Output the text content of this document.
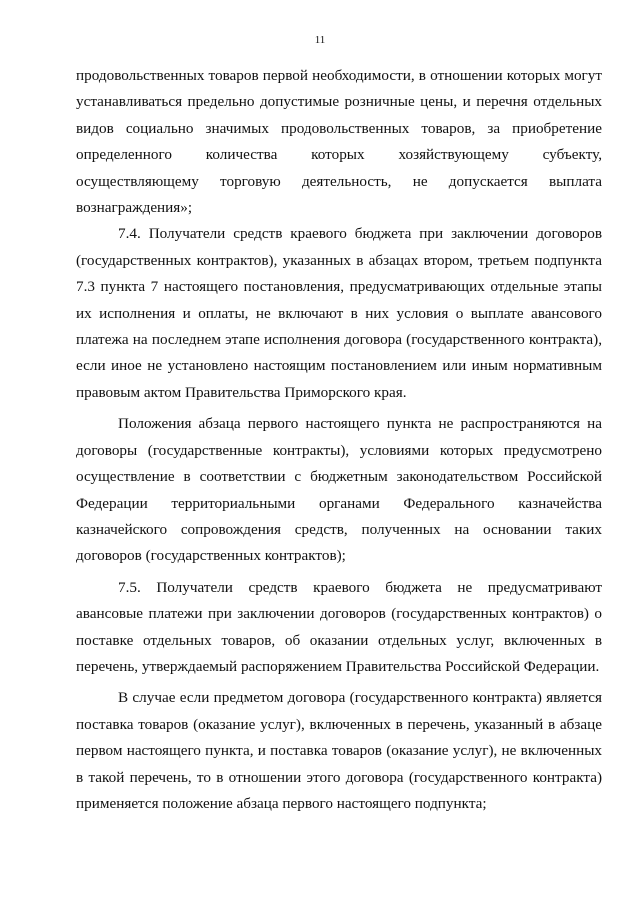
11

продовольственных товаров первой необходимости, в отношении которых могут устанавливаться предельно допустимые розничные цены, и перечня отдельных видов социально значимых продовольственных товаров, за приобретение определенного количества которых хозяйствующему субъекту, осуществляющему торговую деятельность, не допускается выплата вознаграждения»;

7.4. Получатели средств краевого бюджета при заключении договоров (государственных контрактов), указанных в абзацах втором, третьем подпункта 7.3 пункта 7 настоящего постановления, предусматривающих отдельные этапы их исполнения и оплаты, не включают в них условия о выплате авансового платежа на последнем этапе исполнения договора (государственного контракта), если иное не установлено настоящим постановлением или иным нормативным правовым актом Правительства Приморского края.

Положения абзаца первого настоящего пункта не распространяются на договоры (государственные контракты), условиями которых предусмотрено осуществление в соответствии с бюджетным законодательством Российской Федерации территориальными органами Федерального казначейства казначейского сопровождения средств, полученных на основании таких договоров (государственных контрактов);

7.5. Получатели средств краевого бюджета не предусматривают авансовые платежи при заключении договоров (государственных контрактов) о поставке отдельных товаров, об оказании отдельных услуг, включенных в перечень, утверждаемый распоряжением Правительства Российской Федерации.

В случае если предметом договора (государственного контракта) является поставка товаров (оказание услуг), включенных в перечень, указанный в абзаце первом настоящего пункта, и поставка товаров (оказание услуг), не включенных в такой перечень, то в отношении этого договора (государственного контракта) применяется положение абзаца первого настоящего подпункта;
